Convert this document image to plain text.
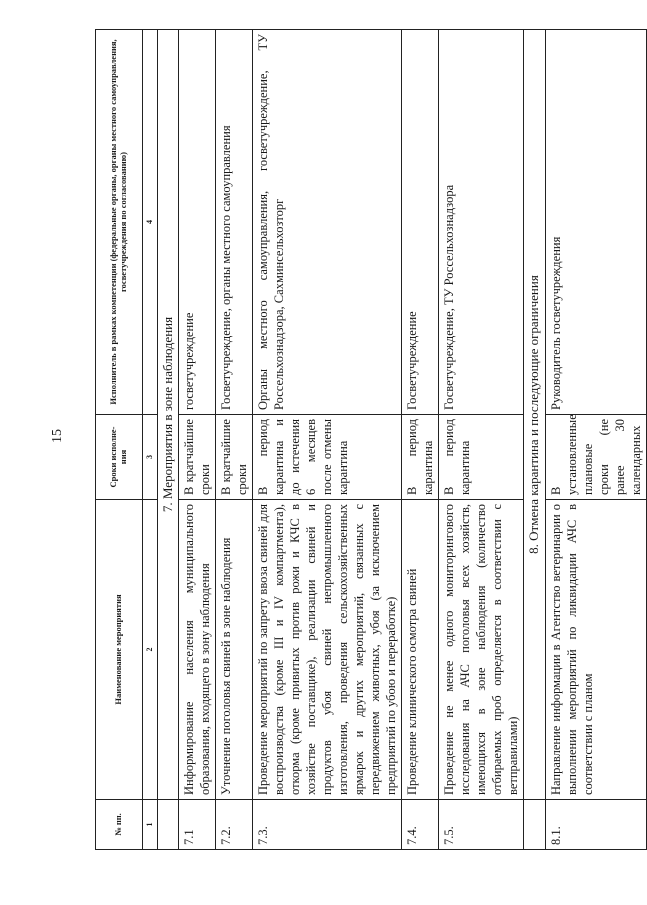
15
№ пп.	Наименование мероприятия	Сроки исполне-
ния	Исполнитель в рамках компетенции (федеральные органы, органы местного самоуправления, госветучреждения по согласованию)
1	2	3	4
	7. Мероприятия в зоне наблюдения		
7.1	Информирование населения муниципального образования, входящего в зону наблюдения	В кратчайшие сроки	госветучреждение
7.2.	Уточнение поголовья свиней в зоне наблюдения	В кратчайшие сроки	Госветучреждение, органы местного самоуправления
7.3.	Проведение мероприятий по запрету ввоза свиней для воспроизводства (кроме III и IV компартмента), откорма (кроме привитых против рожи и КЧС в хозяйстве поставщике), реализации свиней и продуктов убоя свиней непромышленного изготовления, проведения сельскохозяйственных ярмарок и других мероприятий, связанных с передвижением животных, убоя (за исключением предприятий по убою и переработке)	В период карантина и до истечения 6 месяцев после отмены карантина	Органы местного самоуправления, госветучреждение, ТУ Россельхознадзора, Сахминсельхозторг
7.4.	Проведение клинического осмотра свиней	В период карантина	Госветучреждение
7.5.	Проведение не менее одного мониторингового исследования на АЧС поголовья всех хозяйств, имеющихся в зоне наблюдения (количество отбираемых проб определяется в соответствии с ветправилами)	В период карантина	Госветучреждение, ТУ Россельхознадзора
	8. Отмена карантина и последующие ограничения		
8.1.	Направление информации в Агентство ветеринарии о выполнении мероприятий по ликвидации АЧС в соответствии с планом	В установленные плановые сроки (не ранее 30 календарных	Руководитель госветучреждения
